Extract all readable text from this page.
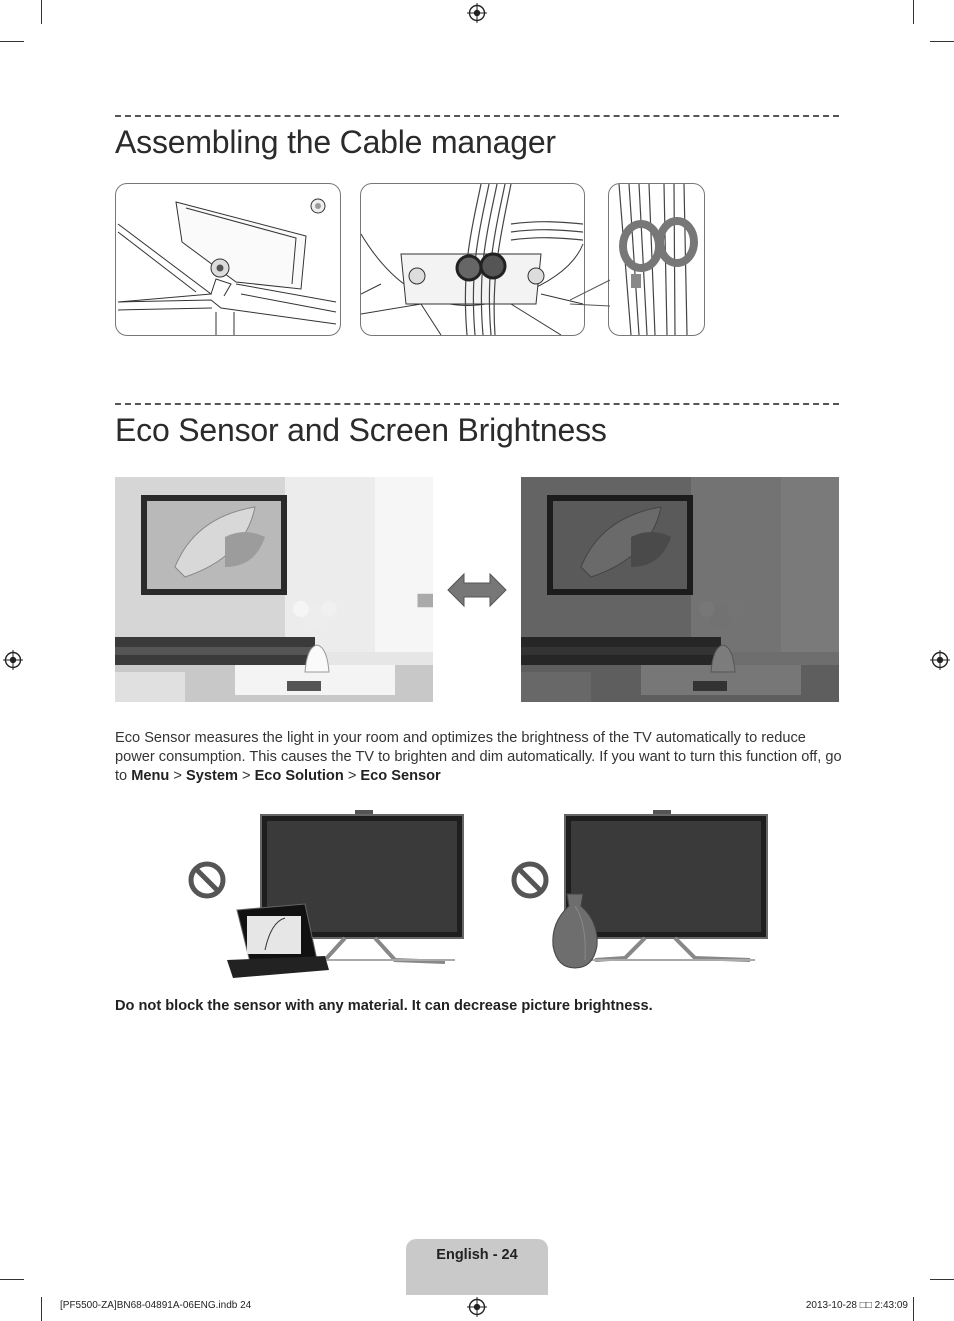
Assembling the Cable manager
Eco Sensor and Screen Brightness
Eco Sensor measures the light in your room and optimizes the brightness of the TV automatically to reduce power consumption. This causes the TV to brighten and dim automatically. If you want to turn this function off, go to Menu > System > Eco Solution > Eco Sensor
Do not block the sensor with any material. It can decrease picture brightness.
English - 24
[PF5500-ZA]BN68-04891A-06ENG.indb 24	2013-10-28 □□ 2:43:09
